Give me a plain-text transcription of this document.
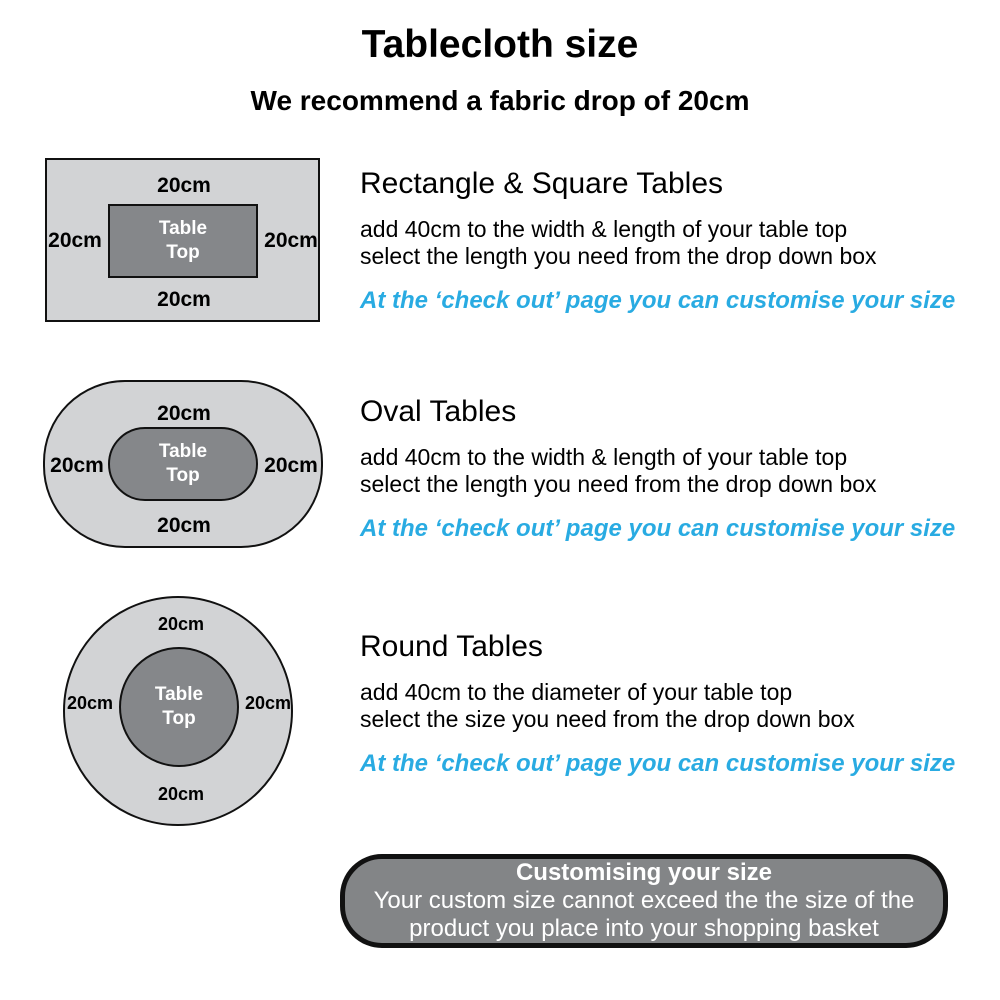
Tablecloth size
We recommend a fabric drop of 20cm
20cm
20cm
20cm	20cm
Table
Top
20cm
20cm
20cm	20cm
Table
Top
20cm
20cm
20cm	20cm
Table
Top
Rectangle & Square Tables
add 40cm to the width & length of your table top
select the length you need from the drop down box
At the ‘check out’ page you can customise your size
Oval Tables
add 40cm to the width & length of your table top
select the length you need from the drop down box
At the ‘check out’ page you can customise your size
Round Tables
add 40cm to the diameter of your table top
select the size you need from the drop down box
At the ‘check out’ page you can customise your size
Customising your size
Your custom size cannot exceed the the size of the
product you place into your shopping basket
